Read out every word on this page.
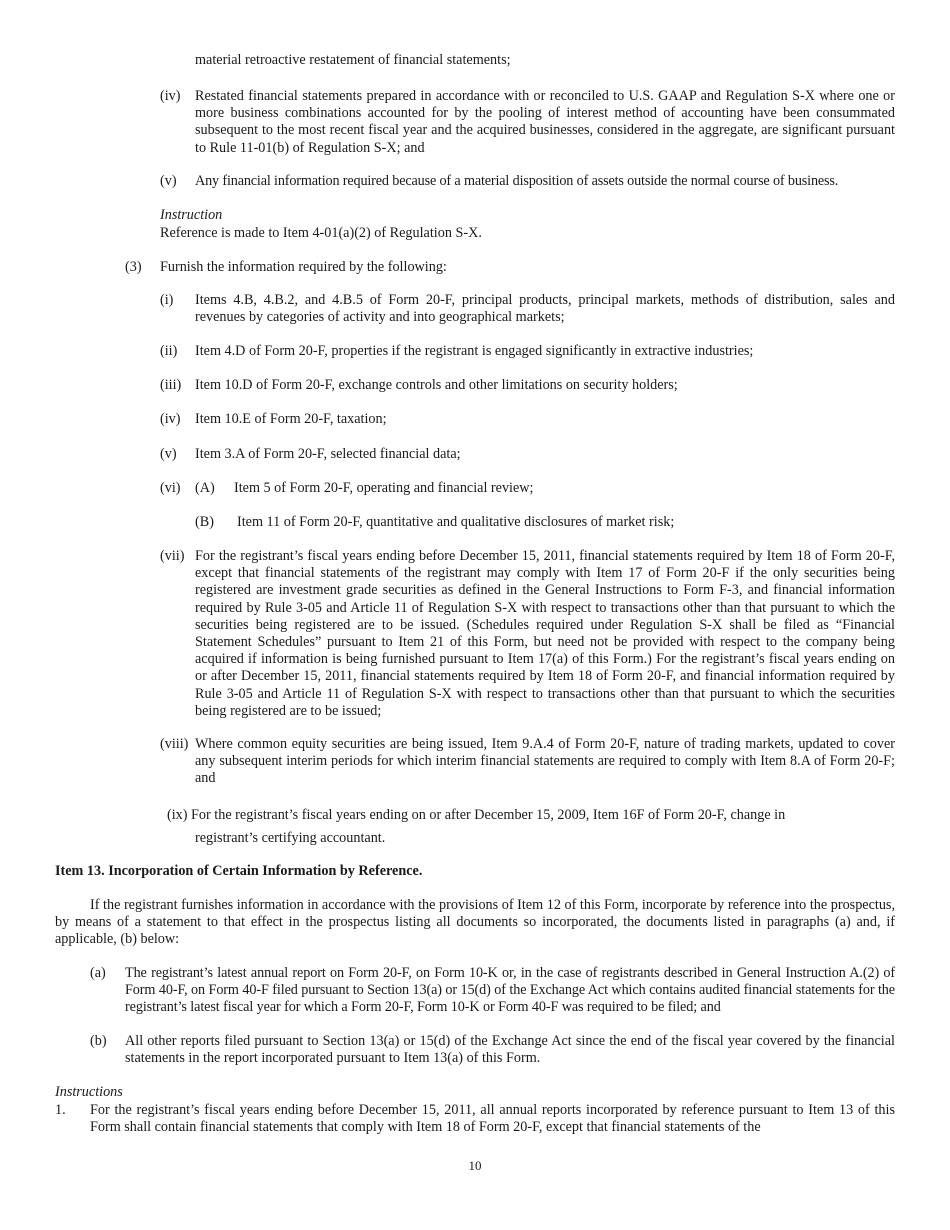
material retroactive restatement of financial statements;
(iv) Restated financial statements prepared in accordance with or reconciled to U.S. GAAP and Regulation S-X where one or more business combinations accounted for by the pooling of interest method of accounting have been consummated subsequent to the most recent fiscal year and the acquired businesses, considered in the aggregate, are significant pursuant to Rule 11-01(b) of Regulation S-X; and
(v) Any financial information required because of a material disposition of assets outside the normal course of business.
Instruction
Reference is made to Item 4-01(a)(2) of Regulation S-X.
(3) Furnish the information required by the following:
(i) Items 4.B, 4.B.2, and 4.B.5 of Form 20-F, principal products, principal markets, methods of distribution, sales and revenues by categories of activity and into geographical markets;
(ii) Item 4.D of Form 20-F, properties if the registrant is engaged significantly in extractive industries;
(iii) Item 10.D of Form 20-F, exchange controls and other limitations on security holders;
(iv) Item 10.E of Form 20-F, taxation;
(v) Item 3.A of Form 20-F, selected financial data;
(vi) (A) Item 5 of Form 20-F, operating and financial review;
(B) Item 11 of Form 20-F, quantitative and qualitative disclosures of market risk;
(vii) For the registrant’s fiscal years ending before December 15, 2011, financial statements required by Item 18 of Form 20-F, except that financial statements of the registrant may comply with Item 17 of Form 20-F if the only securities being registered are investment grade securities as defined in the General Instructions to Form F-3, and financial information required by Rule 3-05 and Article 11 of Regulation S-X with respect to transactions other than that pursuant to which the securities being registered are to be issued. (Schedules required under Regulation S-X shall be filed as “Financial Statement Schedules” pursuant to Item 21 of this Form, but need not be provided with respect to the company being acquired if information is being furnished pursuant to Item 17(a) of this Form.) For the registrant’s fiscal years ending on or after December 15, 2011, financial statements required by Item 18 of Form 20-F, and financial information required by Rule 3-05 and Article 11 of Regulation S-X with respect to transactions other than that pursuant to which the securities being registered are to be issued;
(viii) Where common equity securities are being issued, Item 9.A.4 of Form 20-F, nature of trading markets, updated to cover any subsequent interim periods for which interim financial statements are required to comply with Item 8.A of Form 20-F; and
(ix) For the registrant’s fiscal years ending on or after December 15, 2009, Item 16F of Form 20-F, change in
registrant’s certifying accountant.
Item 13. Incorporation of Certain Information by Reference.
If the registrant furnishes information in accordance with the provisions of Item 12 of this Form, incorporate by reference into the prospectus, by means of a statement to that effect in the prospectus listing all documents so incorporated, the documents listed in paragraphs (a) and, if applicable, (b) below:
(a) The registrant’s latest annual report on Form 20-F, on Form 10-K or, in the case of registrants described in General Instruction A.(2) of Form 40-F, on Form 40-F filed pursuant to Section 13(a) or 15(d) of the Exchange Act which contains audited financial statements for the registrant’s latest fiscal year for which a Form 20-F, Form 10-K or Form 40-F was required to be filed; and
(b) All other reports filed pursuant to Section 13(a) or 15(d) of the Exchange Act since the end of the fiscal year covered by the financial statements in the report incorporated pursuant to Item 13(a) of this Form.
Instructions
1. For the registrant’s fiscal years ending before December 15, 2011, all annual reports incorporated by reference pursuant to Item 13 of this Form shall contain financial statements that comply with Item 18 of Form 20-F, except that financial statements of the
10
